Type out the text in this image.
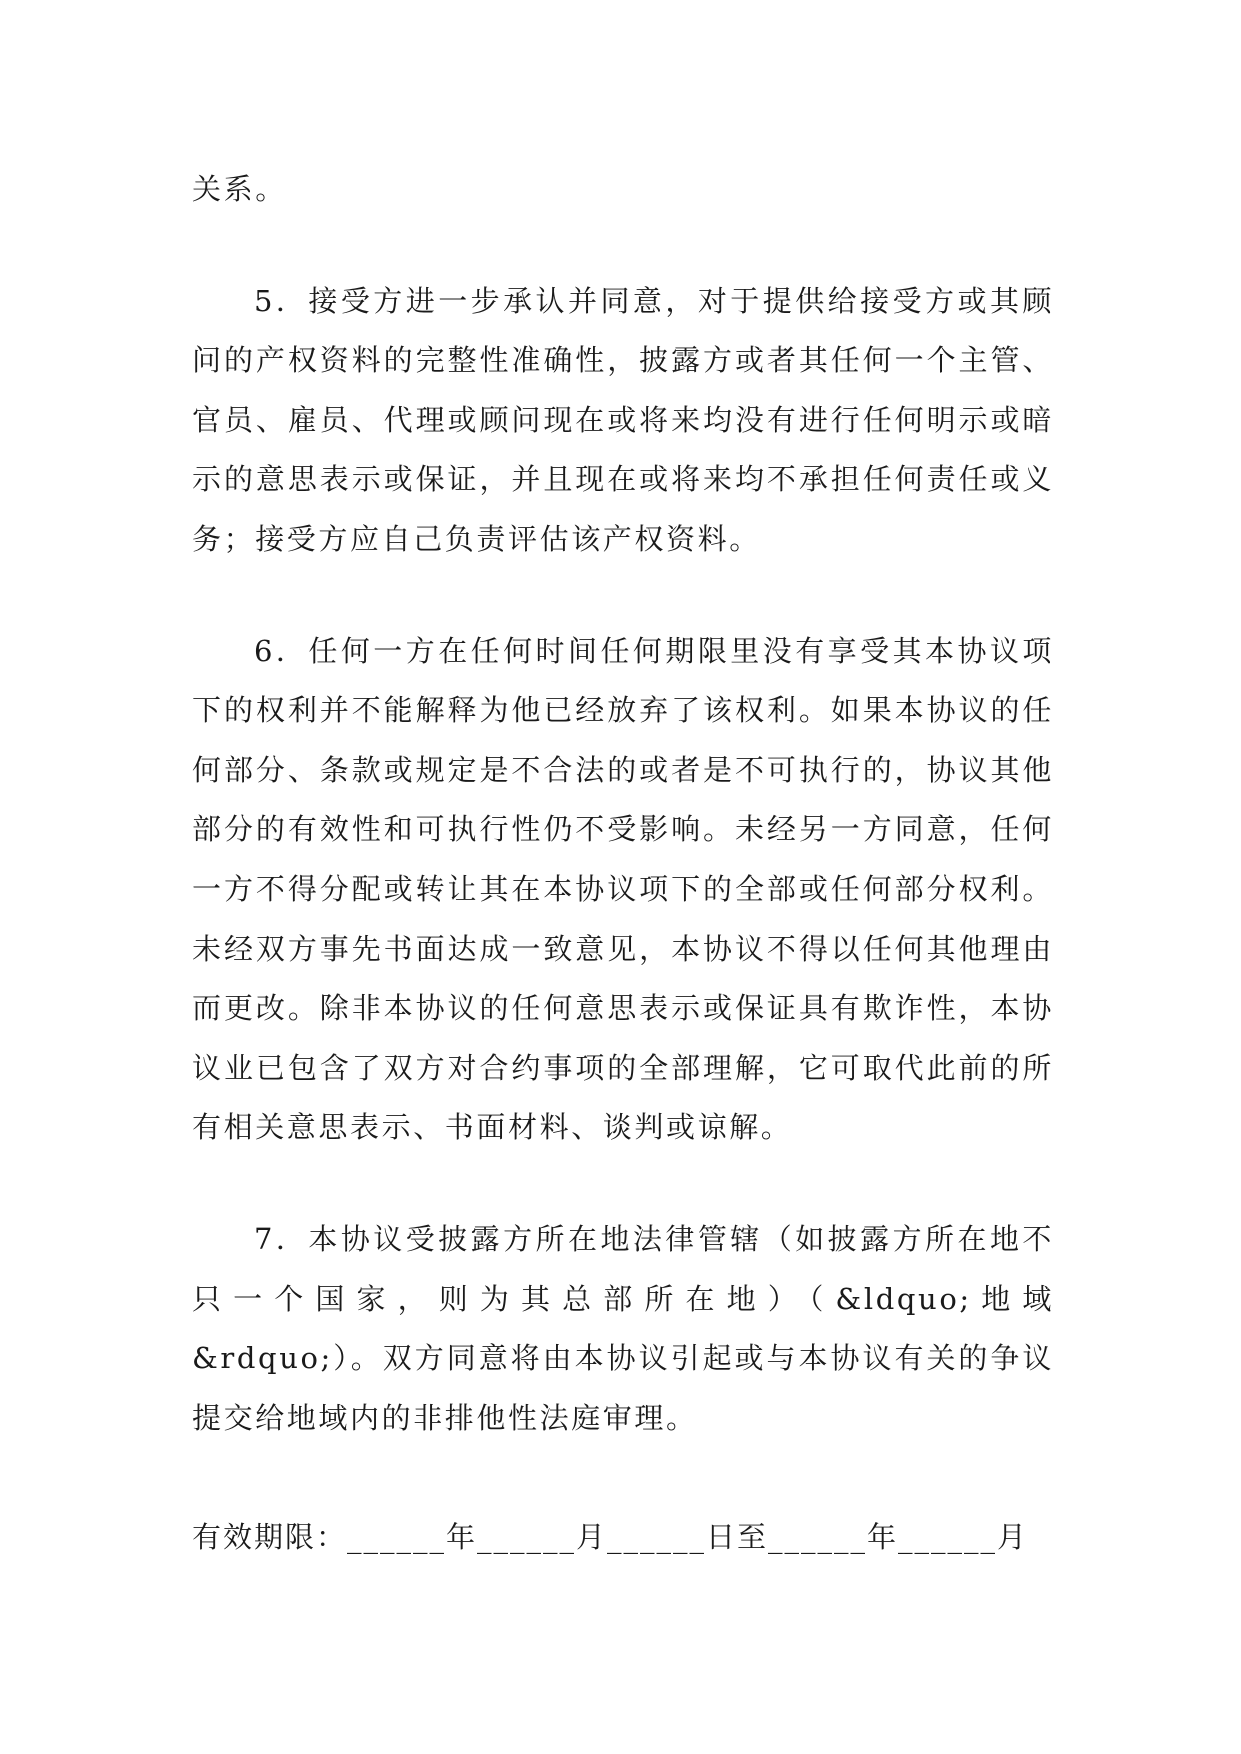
关系。

5．接受方进一步承认并同意，对于提供给接受方或其顾问的产权资料的完整性准确性，披露方或者其任何一个主管、官员、雇员、代理或顾问现在或将来均没有进行任何明示或暗示的意思表示或保证，并且现在或将来均不承担任何责任或义务；接受方应自己负责评估该产权资料。

6．任何一方在任何时间任何期限里没有享受其本协议项下的权利并不能解释为他已经放弃了该权利。如果本协议的任何部分、条款或规定是不合法的或者是不可执行的，协议其他部分的有效性和可执行性仍不受影响。未经另一方同意，任何一方不得分配或转让其在本协议项下的全部或任何部分权利。未经双方事先书面达成一致意见，本协议不得以任何其他理由而更改。除非本协议的任何意思表示或保证具有欺诈性，本协议业已包含了双方对合约事项的全部理解，它可取代此前的所有相关意思表示、书面材料、谈判或谅解。

7．本协议受披露方所在地法律管辖（如披露方所在地不只一个国家，则为其总部所在地）（&ldquo;地域&rdquo;）。双方同意将由本协议引起或与本协议有关的争议提交给地域内的非排他性法庭审理。

有效期限：______年______月______日至______年______月
